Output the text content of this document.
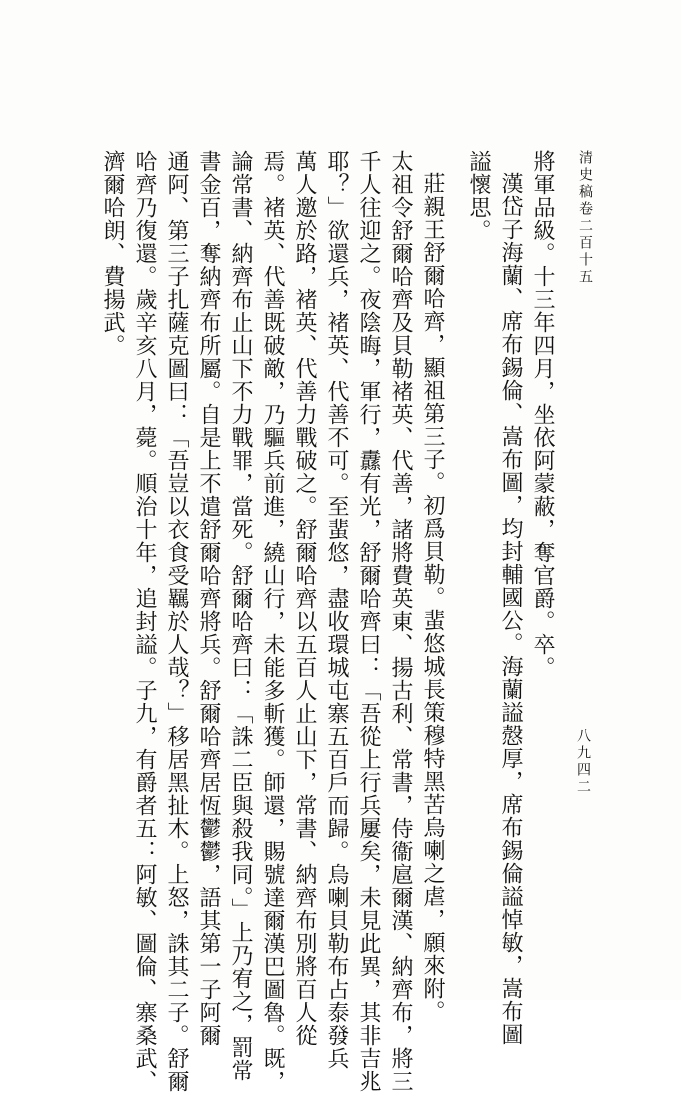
清史稿卷二百十五
八九四二
將軍品級。十三年四月，坐依阿蒙蔽，奪官爵。卒。
漢岱子海蘭、席布錫倫、嵩布圖，均封輔國公。海蘭謚慤厚，席布錫倫謚悼敏，嵩布圖
謚懷思。
莊親王舒爾哈齊，顯祖第三子。初爲貝勒。蜚悠城長策穆特黑苦烏喇之虐，願來附。
太祖令舒爾哈齊及貝勒褚英、代善，諸將費英東、揚古利、常書，侍衞扈爾漢、納齊布，將三
千人往迎之。夜陰晦，軍行，纛有光，舒爾哈齊曰：「吾從上行兵屢矣，未見此異，其非吉兆
耶？」欲還兵，褚英、代善不可。至蜚悠，盡收環城屯寨五百戶而歸。烏喇貝勒布占泰發兵
萬人邀於路，褚英、代善力戰破之。舒爾哈齊以五百人止山下，常書、納齊布別將百人從
焉。褚英、代善既破敵，乃驅兵前進，繞山行，未能多斬獲。師還，賜號達爾漢巴圖魯。既，
論常書、納齊布止山下不力戰罪，當死。舒爾哈齊曰：「誅二臣與殺我同。」上乃宥之，罰常
書金百，奪納齊布所屬。自是上不遣舒爾哈齊將兵。舒爾哈齊居恆鬱鬱，語其第一子阿爾
通阿、第三子扎薩克圖曰：「吾豈以衣食受羈於人哉？」移居黑扯木。上怒，誅其二子。舒爾
哈齊乃復還。歲辛亥八月，薨。順治十年，追封謚。子九，有爵者五：阿敏、圖倫、寨桑武、
濟爾哈朗、費揚武。
